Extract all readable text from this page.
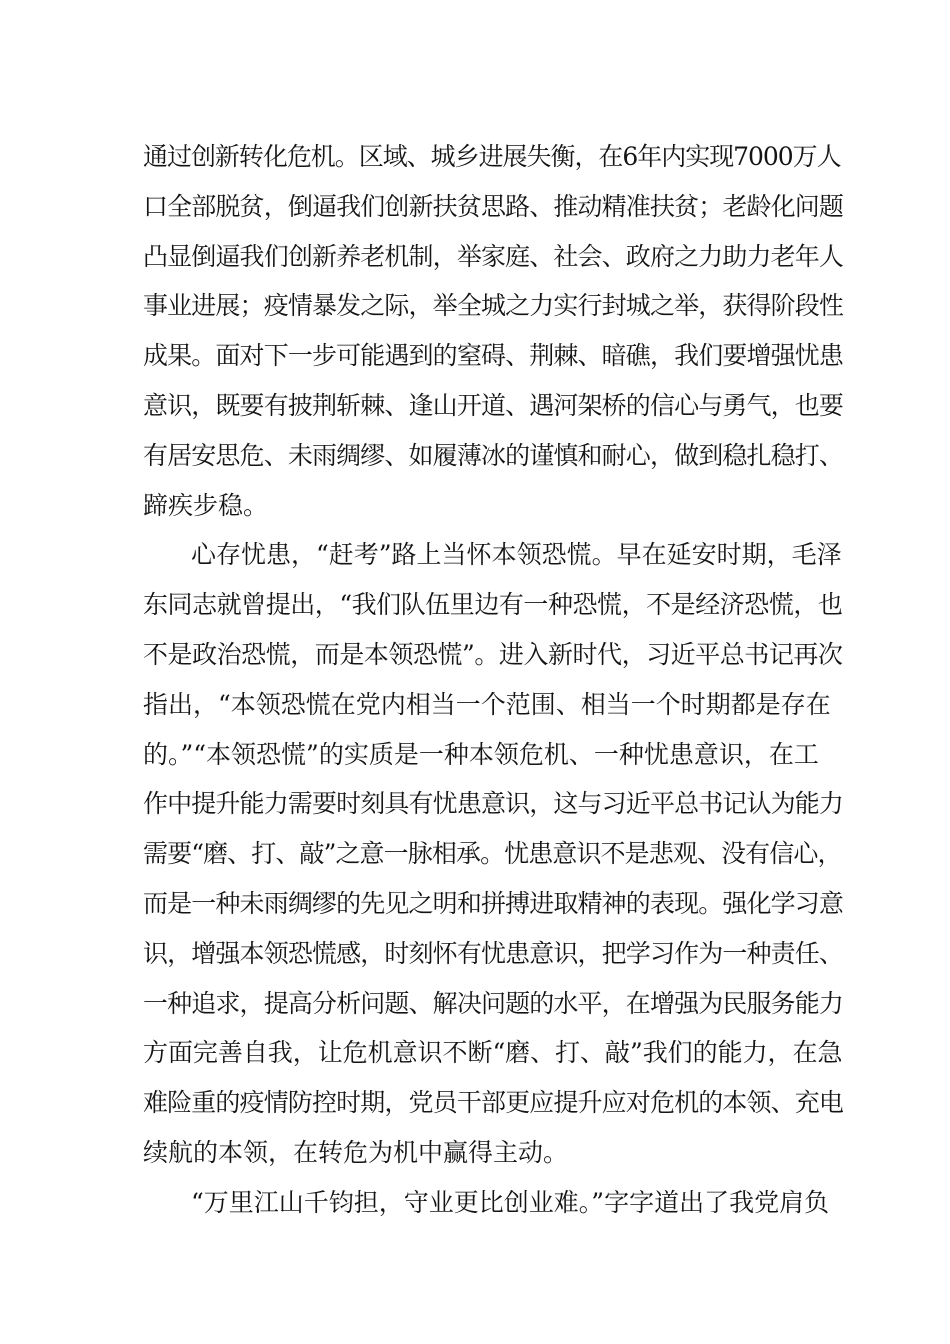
通过创新转化危机。区域、城乡进展失衡，在6年内实现7000万人
口全部脱贫，倒逼我们创新扶贫思路、推动精准扶贫；老龄化问题
凸显倒逼我们创新养老机制，举家庭、社会、政府之力助力老年人
事业进展；疫情暴发之际，举全城之力实行封城之举，获得阶段性
成果。面对下一步可能遇到的窒碍、荆棘、暗礁，我们要增强忧患
意识，既要有披荆斩棘、逢山开道、遇河架桥的信心与勇气，也要
有居安思危、未雨绸缪、如履薄冰的谨慎和耐心，做到稳扎稳打、
蹄疾步稳。
心存忧患，“赶考”路上当怀本领恐慌。早在延安时期，毛泽
东同志就曾提出，“我们队伍里边有一种恐慌，不是经济恐慌，也
不是政治恐慌，而是本领恐慌”。进入新时代，习近平总书记再次
指出，“本领恐慌在党内相当一个范围、相当一个时期都是存在
的。”“本领恐慌”的实质是一种本领危机、一种忧患意识，在工
作中提升能力需要时刻具有忧患意识，这与习近平总书记认为能力
需要“磨、打、敲”之意一脉相承。忧患意识不是悲观、没有信心，
而是一种未雨绸缪的先见之明和拼搏进取精神的表现。强化学习意
识，增强本领恐慌感，时刻怀有忧患意识，把学习作为一种责任、
一种追求，提高分析问题、解决问题的水平，在增强为民服务能力
方面完善自我，让危机意识不断“磨、打、敲”我们的能力，在急
难险重的疫情防控时期，党员干部更应提升应对危机的本领、充电
续航的本领，在转危为机中赢得主动。
“万里江山千钧担，守业更比创业难。”字字道出了我党肩负
